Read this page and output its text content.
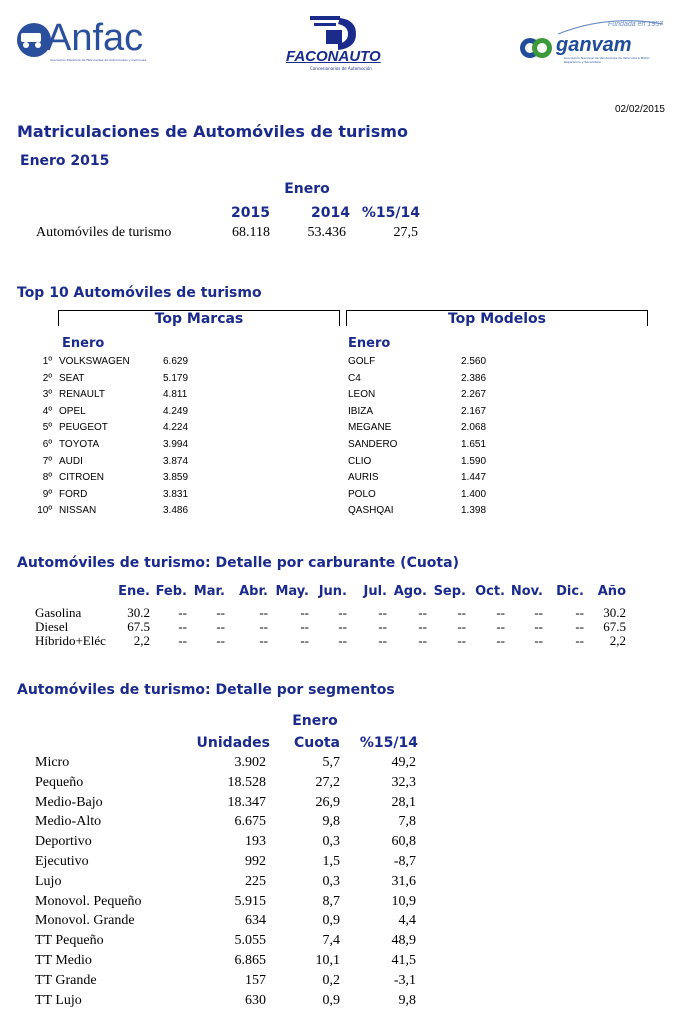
Anfac
Asociación Española de Fabricantes de Automóviles y Camiones	FACONAUTO
Concesionarios de Automoción
Fundada en 1957
ganvam
Asociación Nacional de Vendedores de Vehículos a Motor, Reparación y Recambios
02/02/2015
Matriculaciones de Automóviles de turismo
Enero 2015
Enero
2015	2014 %15/14
Automóviles de turismo	68.118	53.436	27,5
Top 10 Automóviles de turismo
Top Marcas	Top Modelos
Enero	Enero
1º VOLKSWAGEN	6.629	GOLF	2.560
2º SEAT	5.179	C4	2.386
3º RENAULT	4.811	LEON	2.267
4º OPEL	4.249	IBIZA	2.167
5º PEUGEOT	4.224	MEGANE	2.068
6º TOYOTA	3.994	SANDERO	1.651
7º AUDI	3.874	CLIO	1.590
8º CITROEN	3.859	AURIS	1.447
9º FORD	3.831	POLO	1.400
10º NISSAN	3.486	QASHQAI	1.398
Automóviles de turismo: Detalle por carburante (Cuota)
Ene. Feb. Mar.	Abr. May. Jun.	Jul. Ago. Sep. Oct. Nov.	Dic.	Año
Gasolina	30.2	--	--	--	--	--	--	--	--	--	--	--	30.2
Diesel	67.5	--	--	--	--	--	--	--	--	--	--	--	67.5
Híbrido+Eléc	2,2	--	--	--	--	--	--	--	--	--	--	--	2,2
Automóviles de turismo: Detalle por segmentos
Enero
Unidades	Cuota	%15/14
Micro	3.902	5,7	49,2
Pequeño	18.528	27,2	32,3
Medio-Bajo	18.347	26,9	28,1
Medio-Alto	6.675	9,8	7,8
Deportivo	193	0,3	60,8
Ejecutivo	992	1,5	-8,7
Lujo	225	0,3	31,6
Monovol. Pequeño	5.915	8,7	10,9
Monovol. Grande	634	0,9	4,4
TT Pequeño	5.055	7,4	48,9
TT Medio	6.865	10,1	41,5
TT Grande	157	0,2	-3,1
TT Lujo	630	0,9	9,8
